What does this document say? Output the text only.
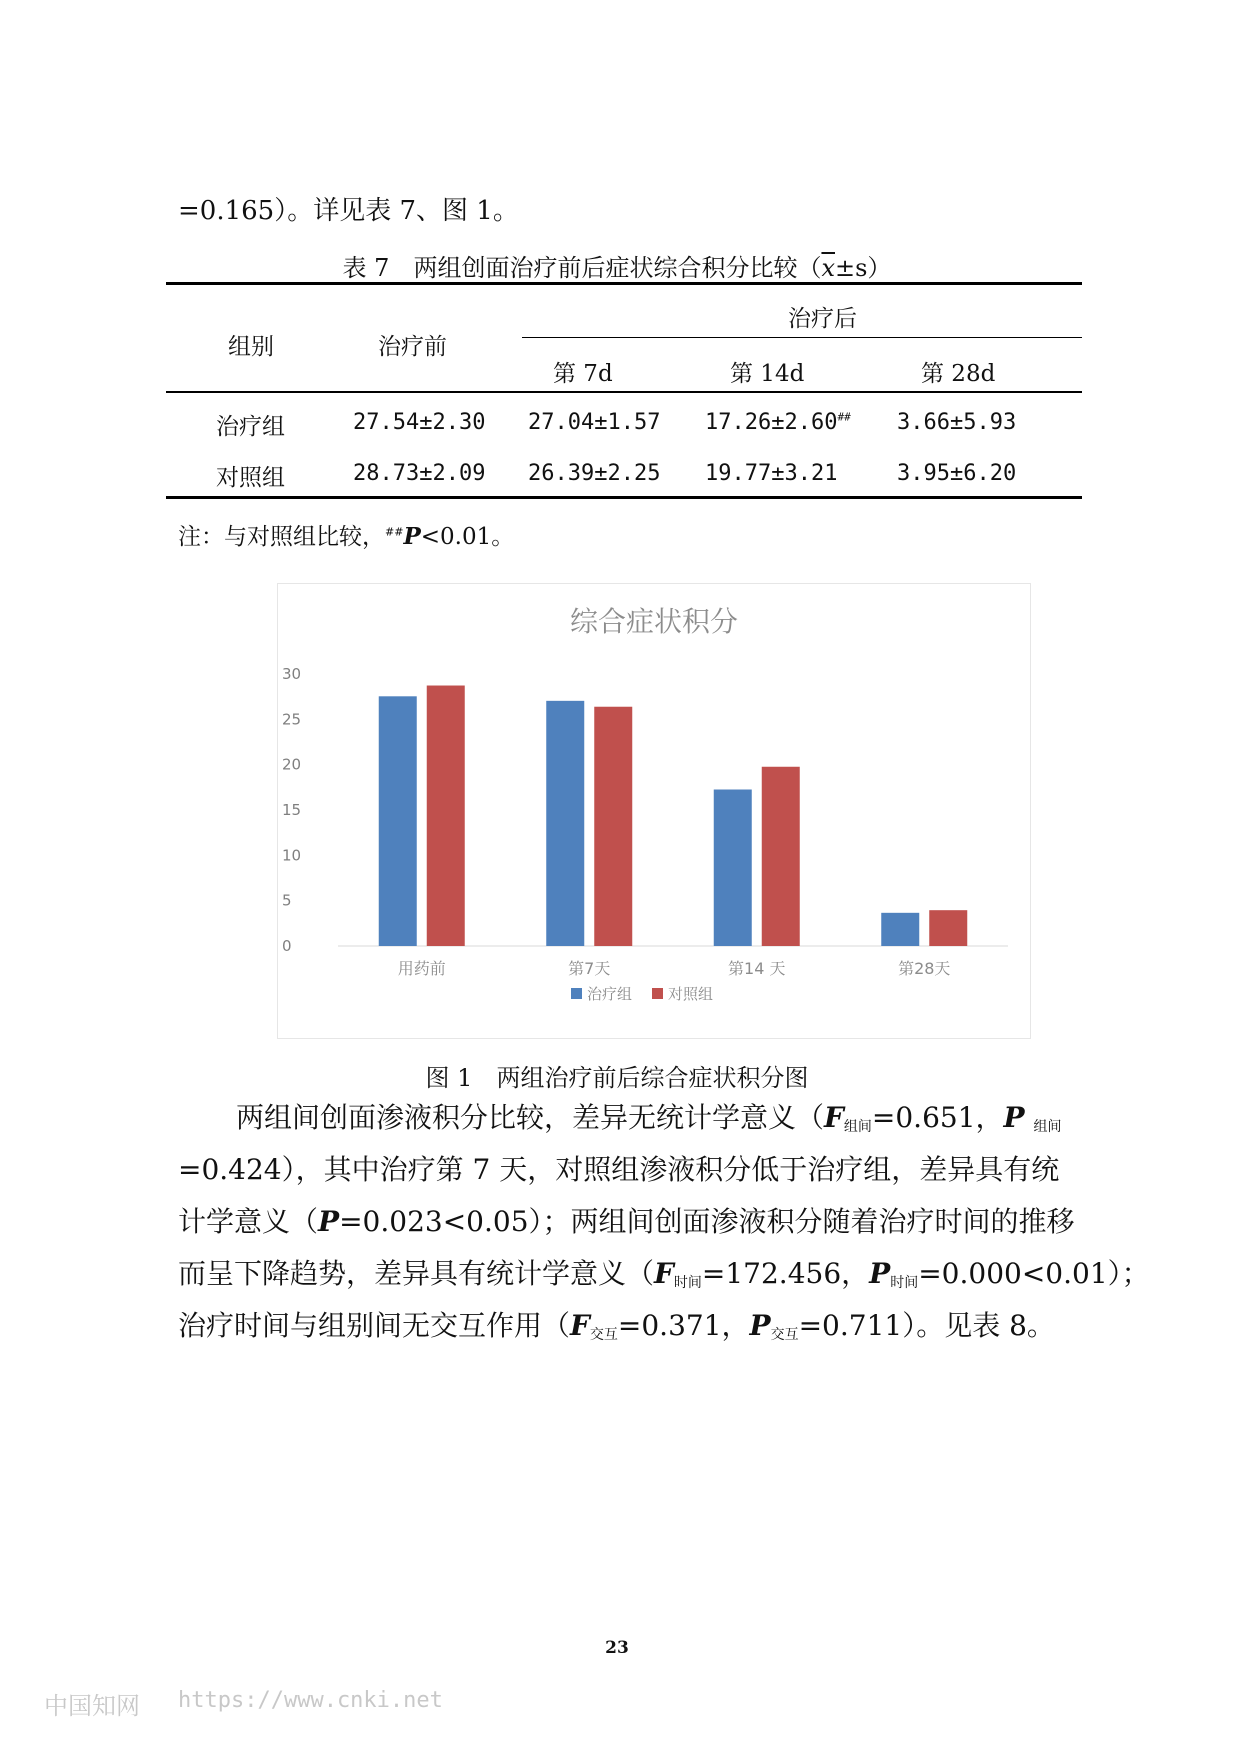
=0.165）。详见表 7、图 1。
表 7　两组创面治疗前后症状综合积分比较$(\overline{x}\pm s)$
组别	治疗前
治疗后
第 7d	第 14d	第 28d
治疗组	27.54±2.30 27.04±1.57 17.26±2.60## 3.66±5.93
对照组	28.73±2.09 26.39±2.25 19.77±3.21	3.95±6.20
注：与对照组比较，##P<0.01。
综合症状积分
0
5
10
15
20
25
30
用药前	第7天	第14 天	第28天
治疗组 对照组
图 1　两组治疗前后综合症状积分图
两组间创面渗液积分比较，差异无统计学意义（$F_{组间}=0.651$，P $_{组间}$
=0.424），其中治疗第 7 天，对照组渗液积分低于治疗组，差异具有统
计学意义（P=0.023<0.05）；两组间创面渗液积分随着治疗时间的推移
而呈下降趋势，差异具有统计学意义（$F_{时间}=172.456$，$P_{时间}=0.000<0.01$）；
治疗时间与组别间无交互作用（$F_{交互}=0.371$，$P_{交互}=0.711$）。见表 8。
23
中国知网 https://www.cnki.net
